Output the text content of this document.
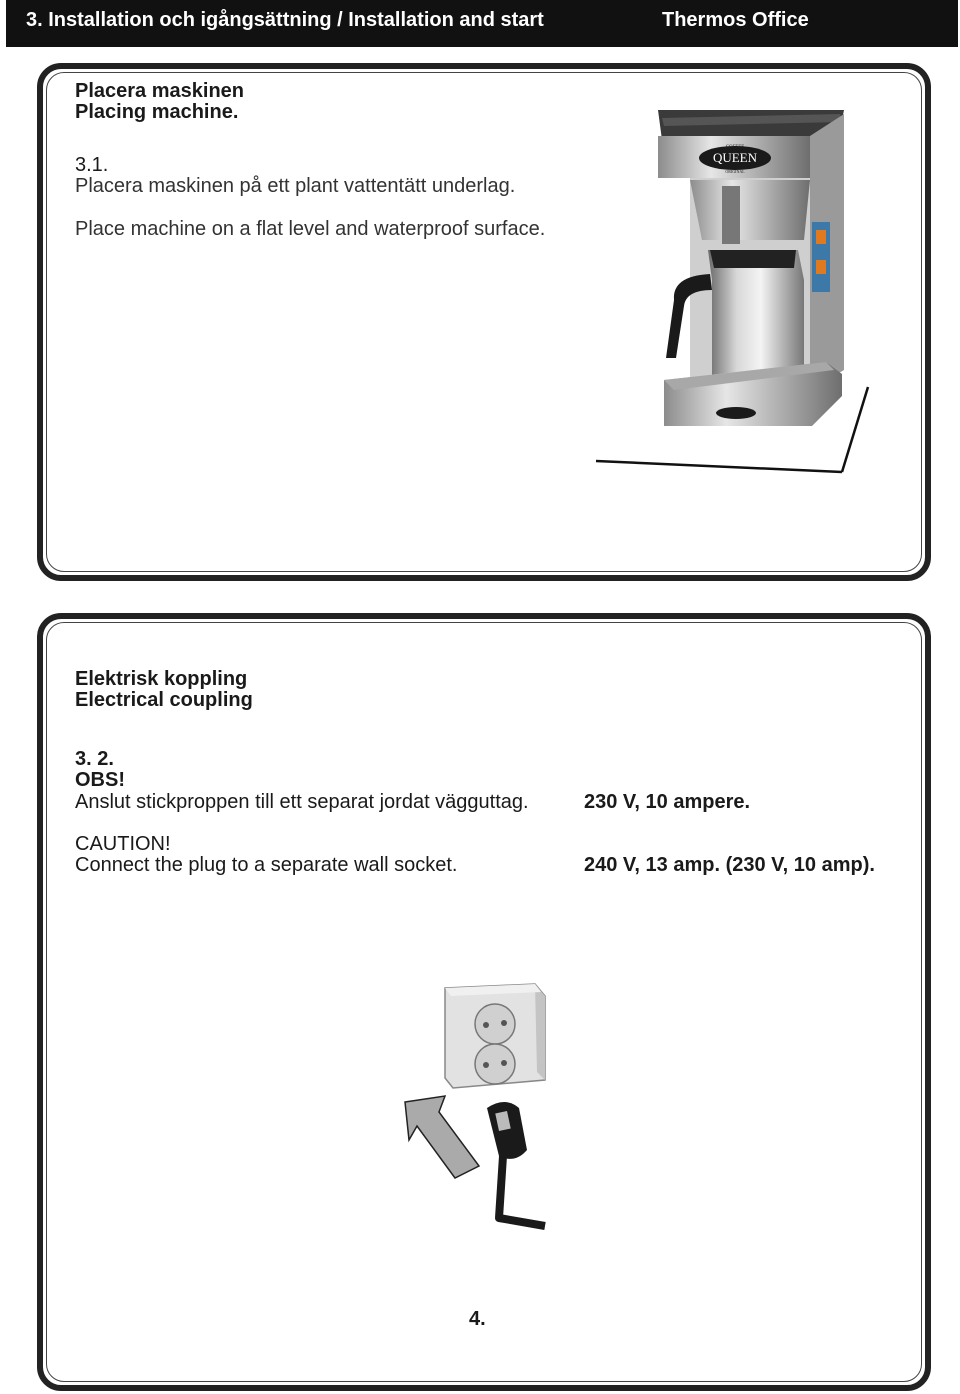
3. Installation och igångsättning / Installation and start	Thermos Office
Placera maskinen
Placing machine.
3.1.
Placera maskinen på ett plant vattentätt underlag.
Place machine on a flat level and waterproof surface.
COFFEE
QUEEN
ORIGINAL
Elektrisk koppling
Electrical coupling
3. 2.
OBS!
Anslut stickproppen till ett separat jordat vägguttag.	230 V, 10 ampere.
CAUTION!
Connect the plug to a separate wall socket.	240 V, 13 amp. (230 V, 10 amp).
4.
